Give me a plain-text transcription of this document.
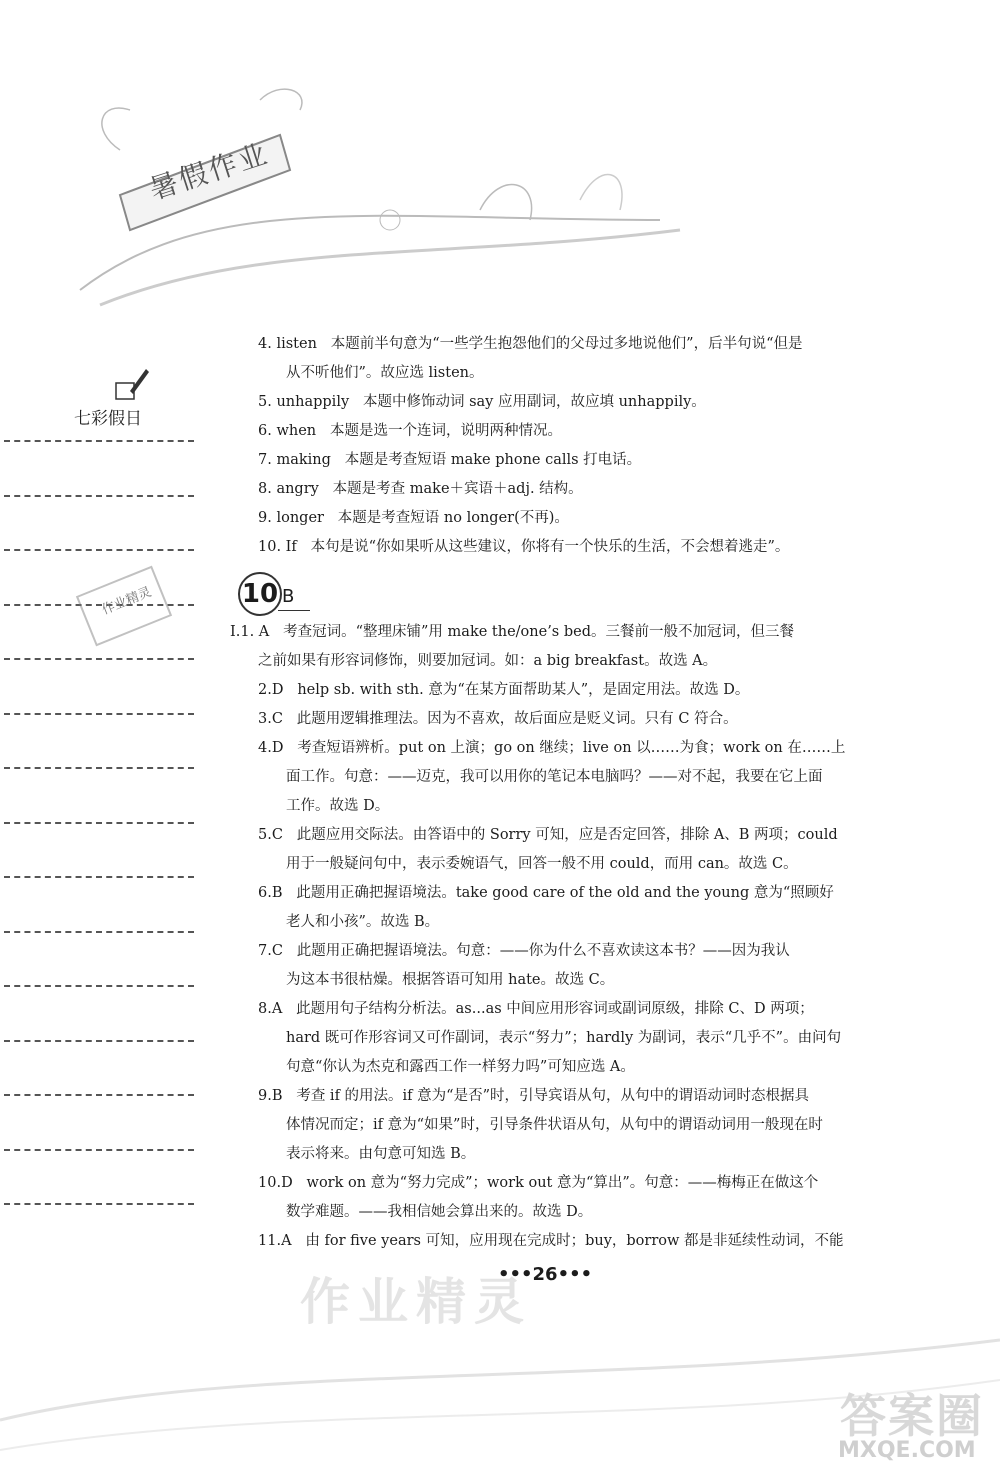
暑假作业
七彩假日
作业精灵

4. listen 本题前半句意为“一些学生抱怨他们的父母过多地说他们”，后半句说“但是
从不听他们”。故应选 listen。

5. unhappily 本题中修饰动词 say 应用副词，故应填 unhappily。

6. when 本题是选一个连词，说明两种情况。

7. making 本题是考查短语 make phone calls 打电话。

8. angry 本题是考查 make＋宾语＋adj. 结构。

9. longer 本题是考查短语 no longer(不再)。

10. If 本句是说“你如果听从这些建议，你将有一个快乐的生活，不会想着逃走”。

10 B

Ⅰ.1. A 考查冠词。“整理床铺”用 make the/one’s bed。三餐前一般不加冠词，但三餐
之前如果有形容词修饰，则要加冠词。如：a big breakfast。故选 A。

2.D help sb. with sth. 意为“在某方面帮助某人”，是固定用法。故选 D。

3.C 此题用逻辑推理法。因为不喜欢，故后面应是贬义词。只有 C 符合。

4.D 考查短语辨析。put on 上演；go on 继续；live on 以……为食；work on 在……上
面工作。句意：——迈克，我可以用你的笔记本电脑吗？——对不起，我要在它上面
工作。故选 D。

5.C 此题应用交际法。由答语中的 Sorry 可知，应是否定回答，排除 A、B 两项；could
用于一般疑问句中，表示委婉语气，回答一般不用 could，而用 can。故选 C。

6.B 此题用正确把握语境法。take good care of the old and the young 意为“照顾好
老人和小孩”。故选 B。

7.C 此题用正确把握语境法。句意：——你为什么不喜欢读这本书？——因为我认
为这本书很枯燥。根据答语可知用 hate。故选 C。

8.A 此题用句子结构分析法。as...as 中间应用形容词或副词原级，排除 C、D 两项；
hard 既可作形容词又可作副词，表示“努力”；hardly 为副词，表示“几乎不”。由问句
句意“你认为杰克和露西工作一样努力吗”可知应选 A。

9.B 考查 if 的用法。if 意为“是否”时，引导宾语从句，从句中的谓语动词时态根据具
体情况而定；if 意为“如果”时，引导条件状语从句，从句中的谓语动词用一般现在时
表示将来。由句意可知选 B。

10.D work on 意为“努力完成”；work out 意为“算出”。句意：——梅梅正在做这个
数学难题。——我相信她会算出来的。故选 D。

11.A 由 for five years 可知，应用现在完成时；buy，borrow 都是非延续性动词，不能

作业精灵
•••26•••
答案圈
MXQE.COM
